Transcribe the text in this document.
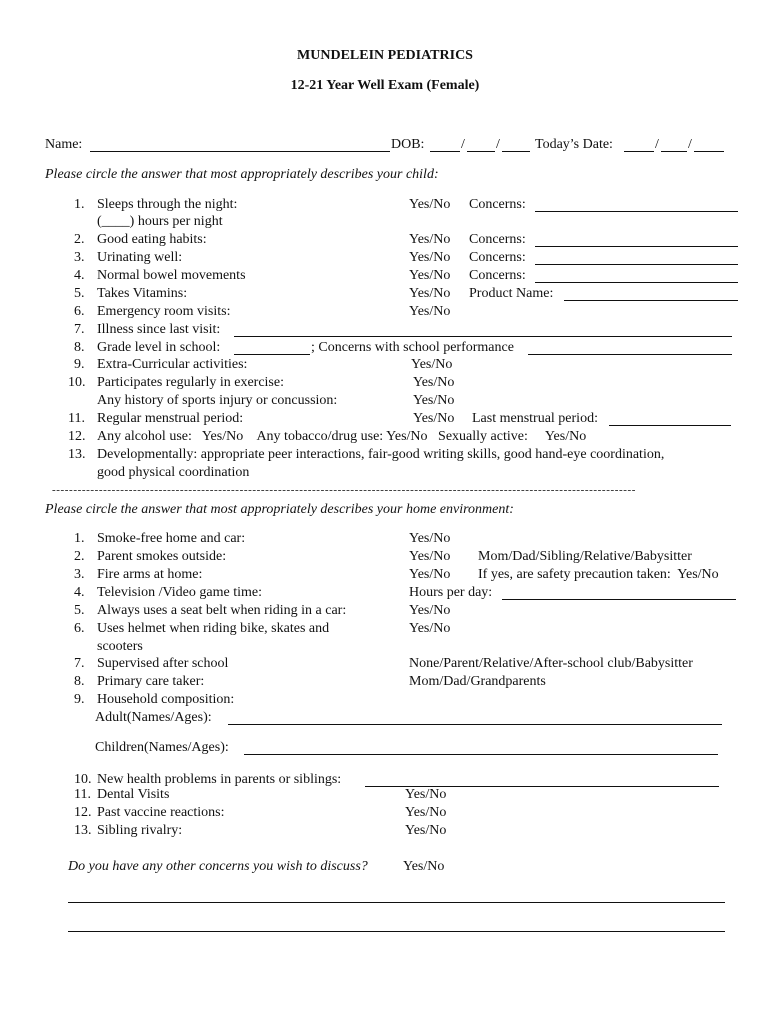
MUNDELEIN PEDIATRICS
12-21 Year Well Exam (Female)
Name:	DOB:	/ /	Today’s Date:	/ /
Please circle the answer that most appropriately describes your child:
1. Sleeps through the night:	Yes/No Concerns:
(____) hours per night
2. Good eating habits:	Yes/No Concerns:
3. Urinating well:	Yes/No Concerns:
4. Normal bowel movements	Yes/No Concerns:
5. Takes Vitamins:	Yes/No Product Name:
6. Emergency room visits:	Yes/No
7. Illness since last visit:
8. Grade level in school:	; Concerns with school performance
9. Extra-Curricular activities:	Yes/No
10. Participates regularly in exercise:	Yes/No
Any history of sports injury or concussion:	Yes/No
11. Regular menstrual period:	Yes/No Last menstrual period:
12. Any alcohol use:   Yes/No    Any tobacco/drug use: Yes/No   Sexually active:     Yes/No
13. Developmentally: appropriate peer interactions, fair-good writing skills, good hand-eye coordination,
good physical coordination
-----------------------------------------------------------------------------------------------------------------------------------------
Please circle the answer that most appropriately describes your home environment:
1. Smoke-free home and car:	Yes/No
2. Parent smokes outside:	Yes/No Mom/Dad/Sibling/Relative/Babysitter
3. Fire arms at home:	Yes/No If yes, are safety precaution taken:  Yes/No
4. Television /Video game time:	Hours per day:
5. Always uses a seat belt when riding in a car:	Yes/No
6. Uses helmet when riding bike, skates and	Yes/No
scooters
7. Supervised after school	None/Parent/Relative/After-school club/Babysitter
8. Primary care taker:	Mom/Dad/Grandparents
9. Household composition:
Adult(Names/Ages):
Children(Names/Ages):
10. New health problems in parents or siblings:
11. Dental Visits	Yes/No
12. Past vaccine reactions:	Yes/No
13. Sibling rivalry:	Yes/No
Do you have any other concerns you wish to discuss?	Yes/No
